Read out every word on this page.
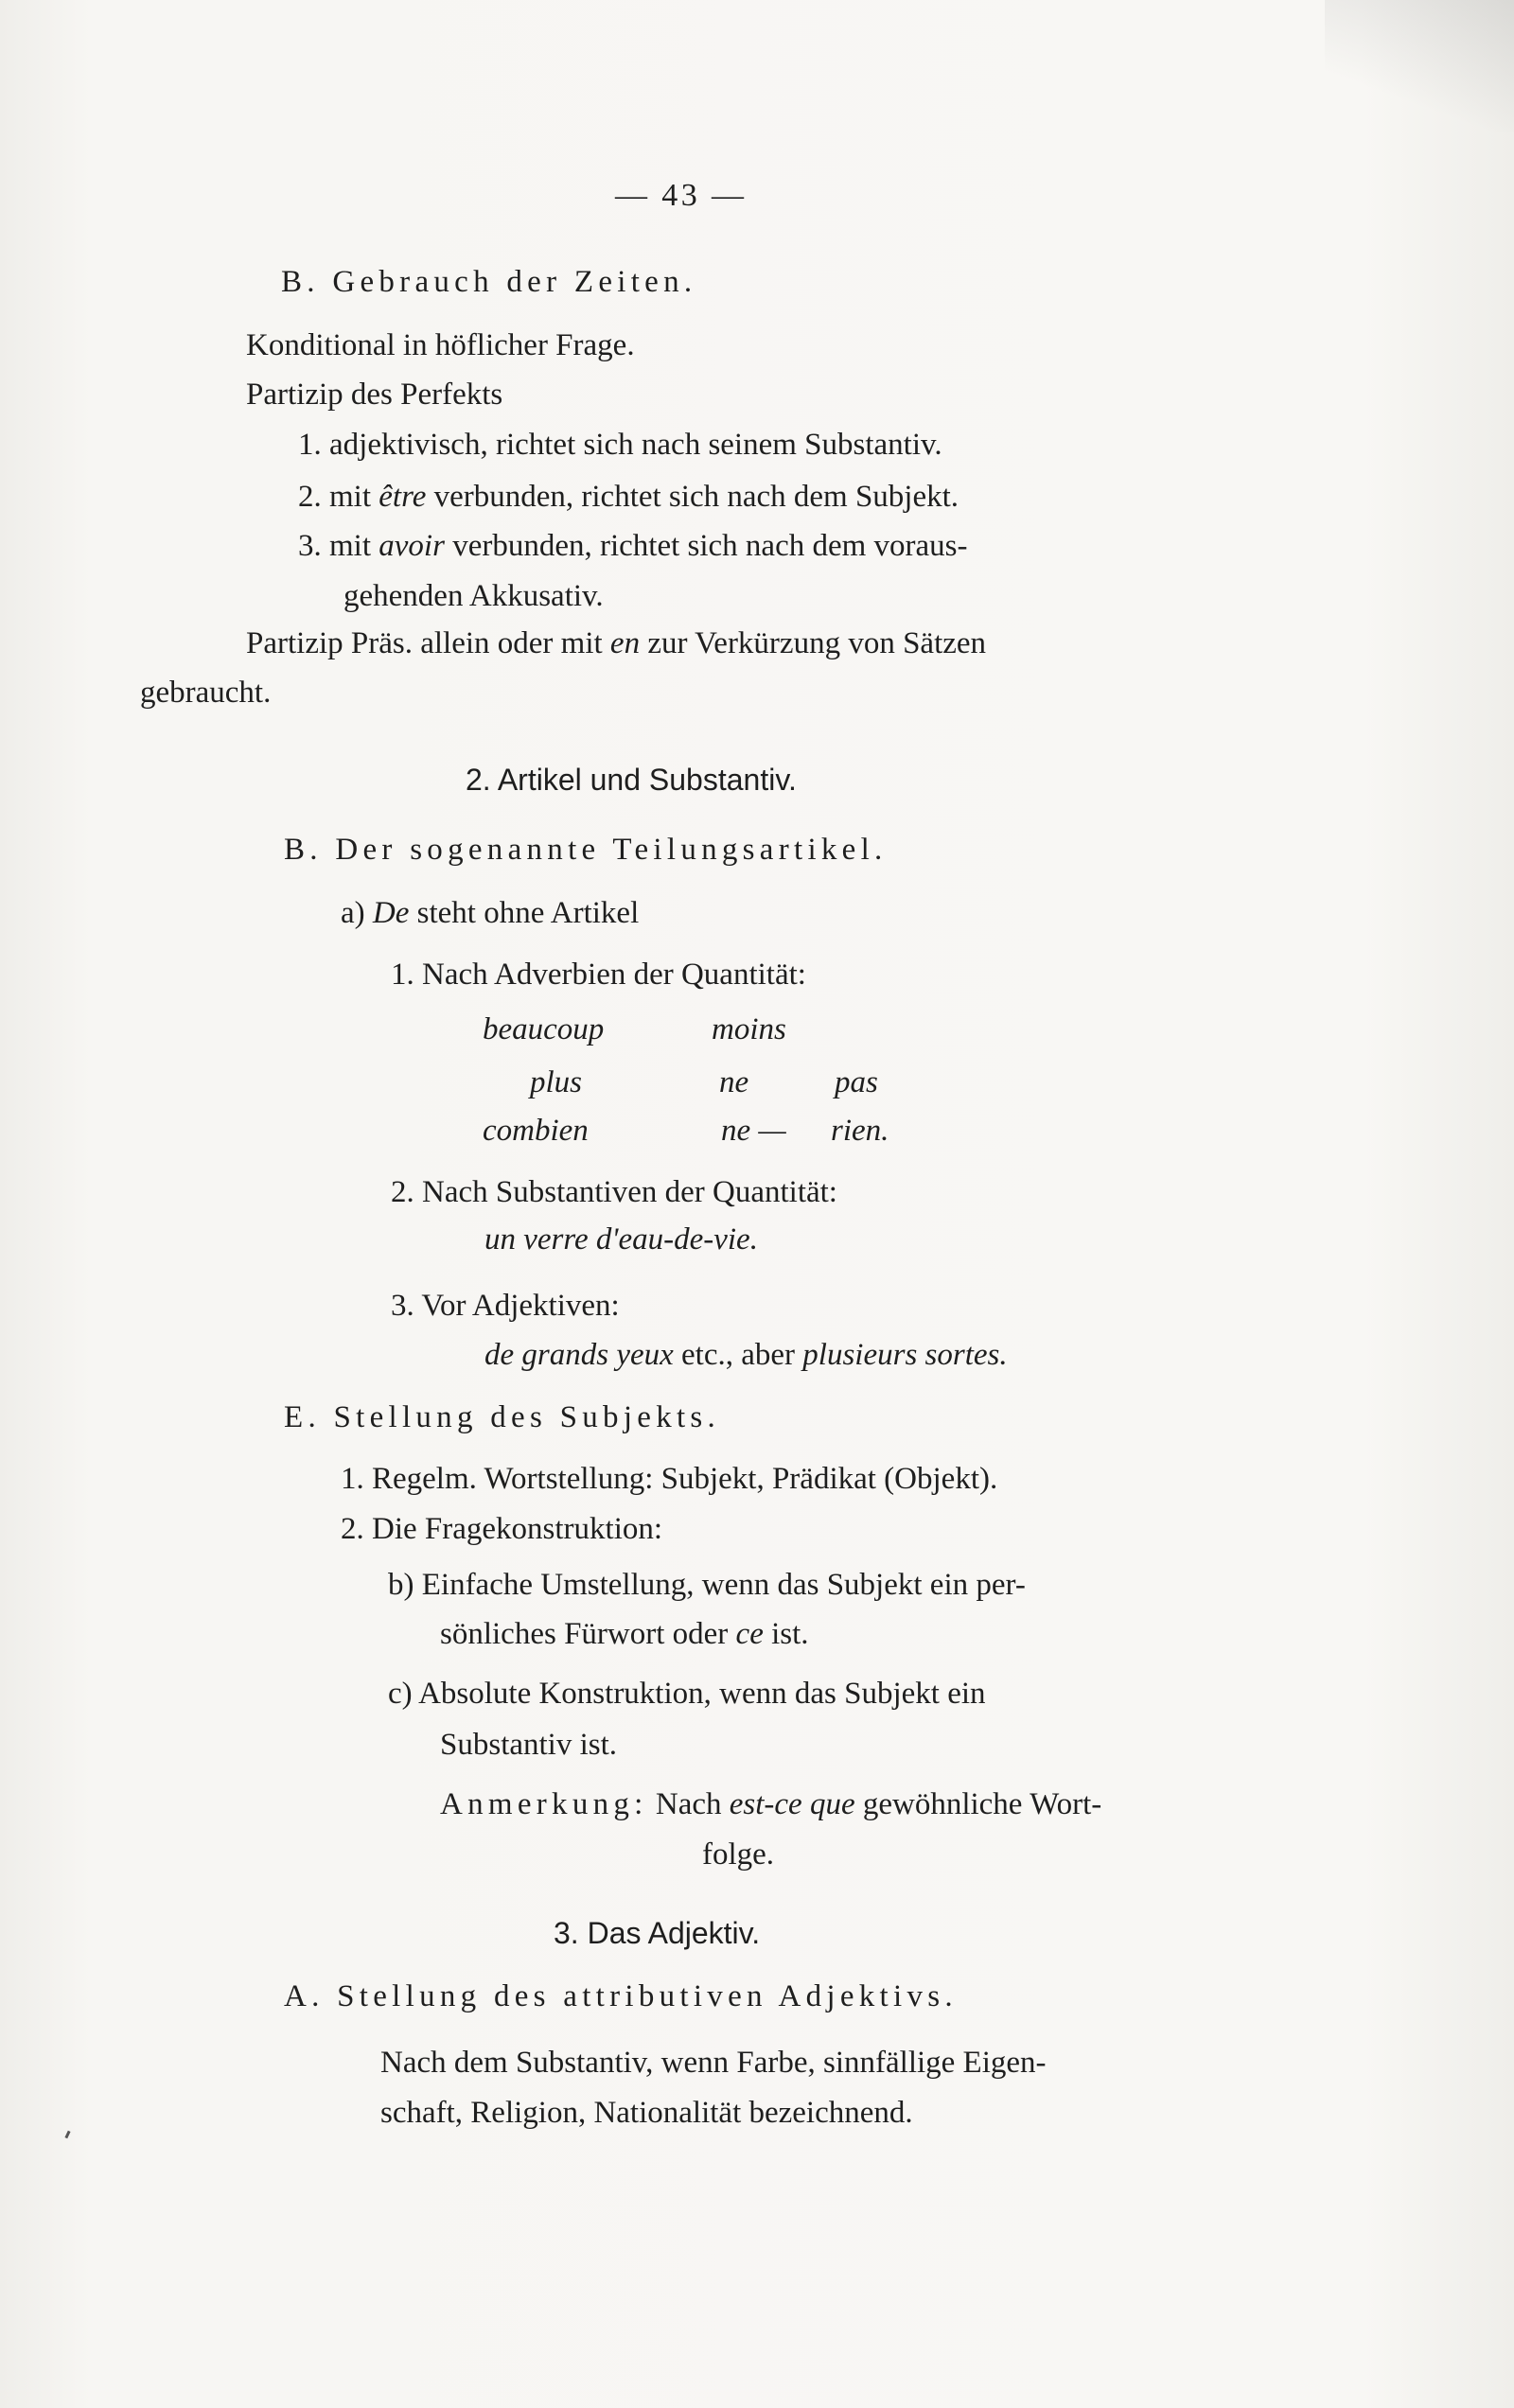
— 43 —
B. Gebrauch der Zeiten.
Konditional in höflicher Frage.
Partizip des Perfekts
1. adjektivisch, richtet sich nach seinem Substantiv.
2. mit être verbunden, richtet sich nach dem Subjekt.
3. mit avoir verbunden, richtet sich nach dem voraus-
gehenden Akkusativ.
Partizip Präs. allein oder mit en zur Verkürzung von Sätzen
gebraucht.
2. Artikel und Substantiv.
B. Der sogenannte Teilungsartikel.
a) De steht ohne Artikel
1. Nach Adverbien der Quantität:
beaucoup	moins
plus	ne	pas
combien	ne — rien.
2. Nach Substantiven der Quantität:
un verre d'eau-de-vie.
3. Vor Adjektiven:
de grands yeux etc., aber plusieurs sortes.
E. Stellung des Subjekts.
1. Regelm. Wortstellung: Subjekt, Prädikat (Objekt).
2. Die Fragekonstruktion:
b) Einfache Umstellung, wenn das Subjekt ein per-
sönliches Fürwort oder ce ist.
c) Absolute Konstruktion, wenn das Subjekt ein
Substantiv ist.
Anmerkung: Nach est-ce que gewöhnliche Wort-
folge.
3. Das Adjektiv.
A. Stellung des attributiven Adjektivs.
Nach dem Substantiv, wenn Farbe, sinnfällige Eigen-
schaft, Religion, Nationalität bezeichnend.
